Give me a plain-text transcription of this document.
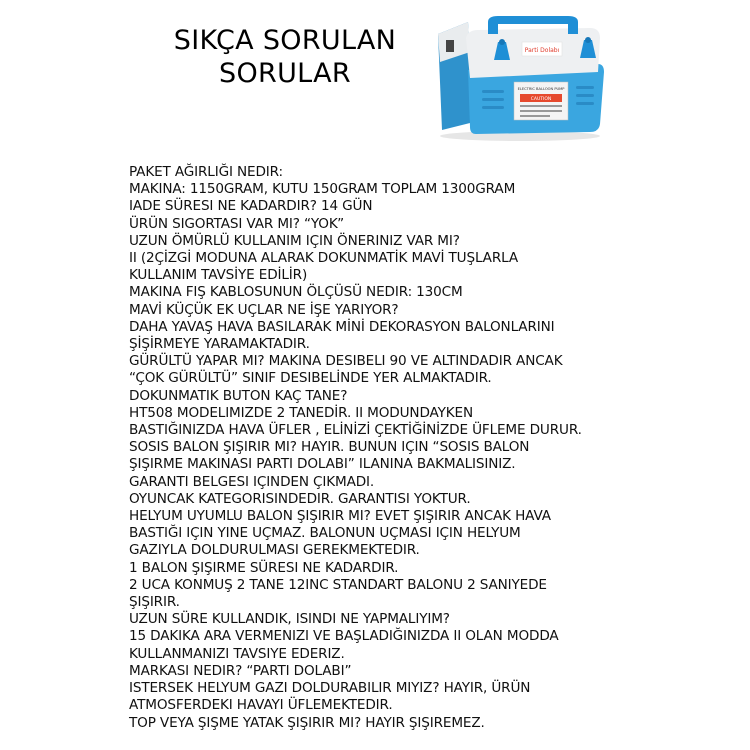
SIKÇA SORULAN
SORULAR
Parti Dolabı
ELECTRIC BALLOON PUMP
CAUTION
PAKET AĞIRLIĞI NEDIR:
MAKINA: 1150GRAM, KUTU 150GRAM TOPLAM 1300GRAM
IADE SÜRESI NE KADARDIR? 14 GÜN
ÜRÜN SIGORTASI VAR MI? “YOK”
UZUN ÖMÜRLÜ KULLANIM IÇIN ÖNERINIZ VAR MI?
II (2ÇİZGİ MODUNA ALARAK DOKUNMATİK MAVİ TUŞLARLA
KULLANIM TAVSİYE EDİLİR)
MAKINA FIŞ KABLOSUNUN ÖLÇÜSÜ NEDIR: 130CM
MAVİ KÜÇÜK EK UÇLAR NE İŞE YARIYOR?
DAHA YAVAŞ HAVA BASILARAK MİNİ DEKORASYON BALONLARINI
ŞİŞİRMEYE YARAMAKTADIR.
GÜRÜLTÜ YAPAR MI? MAKINA DESIBELI 90 VE ALTINDADIR ANCAK
“ÇOK GÜRÜLTÜ” SINIF DESIBELİNDE YER ALMAKTADIR.
DOKUNMATIK BUTON KAÇ TANE?
HT508 MODELIMIZDE 2 TANEDİR. II MODUNDAYKEN
BASTIĞINIZDA HAVA ÜFLER , ELİNİZİ ÇEKTİĞİNİZDE ÜFLEME DURUR.
SOSIS BALON ŞIŞIRIR MI? HAYIR. BUNUN IÇIN “SOSIS BALON
ŞIŞIRME MAKINASI PARTI DOLABI” ILANINA BAKMALISINIZ.
GARANTI BELGESI IÇINDEN ÇIKMADI.
OYUNCAK KATEGORISINDEDIR. GARANTISI YOKTUR.
HELYUM UYUMLU BALON ŞIŞIRIR MI? EVET ŞIŞIRIR ANCAK HAVA
BASTIĞI IÇIN YINE UÇMAZ. BALONUN UÇMASI IÇIN HELYUM
GAZIYLA DOLDURULMASI GEREKMEKTEDIR.
1 BALON ŞIŞIRME SÜRESI NE KADARDIR.
2 UCA KONMUŞ 2 TANE 12INC STANDART BALONU 2 SANIYEDE
ŞIŞIRIR.
UZUN SÜRE KULLANDIK, ISINDI NE YAPMALIYIM?
15 DAKIKA ARA VERMENIZI VE BAŞLADIĞINIZDA II OLAN MODDA
KULLANMANIZI TAVSIYE EDERIZ.
MARKASI NEDIR? “PARTI DOLABI”
ISTERSEK HELYUM GAZI DOLDURABILIR MIYIZ? HAYIR, ÜRÜN
ATMOSFERDEKI HAVAYI ÜFLEMEKTEDIR.
TOP VEYA ŞIŞME YATAK ŞIŞIRIR MI? HAYIR ŞIŞIREMEZ.
